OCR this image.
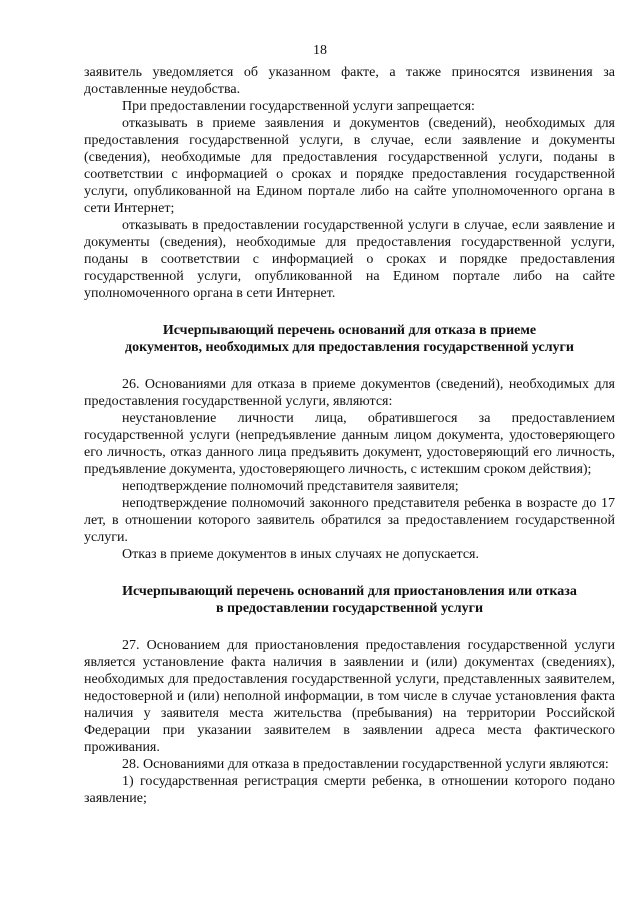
18

заявитель уведомляется об указанном факте, а также приносятся извинения за доставленные неудобства.

При предоставлении государственной услуги запрещается:

отказывать в приеме заявления и документов (сведений), необходимых для предоставления государственной услуги, в случае, если заявление и документы (сведения), необходимые для предоставления государственной услуги, поданы в соответствии с информацией о сроках и порядке предоставления государственной услуги, опубликованной на Едином портале либо на сайте уполномоченного органа в сети Интернет;

отказывать в предоставлении государственной услуги в случае, если заявление и документы (сведения), необходимые для предоставления государственной услуги, поданы в соответствии с информацией о сроках и порядке предоставления государственной услуги, опубликованной на Едином портале либо на сайте уполномоченного органа в сети Интернет.

Исчерпывающий перечень оснований для отказа в приеме
документов, необходимых для предоставления государственной услуги

26. Основаниями для отказа в приеме документов (сведений), необходимых для предоставления государственной услуги, являются:

неустановление личности лица, обратившегося за предоставлением государственной услуги (непредъявление данным лицом документа, удостоверяющего его личность, отказ данного лица предъявить документ, удостоверяющий его личность, предъявление документа, удостоверяющего личность, с истекшим сроком действия);

неподтверждение полномочий представителя заявителя;

неподтверждение полномочий законного представителя ребенка в возрасте до 17 лет, в отношении которого заявитель обратился за предоставлением государственной услуги.

Отказ в приеме документов в иных случаях не допускается.

Исчерпывающий перечень оснований для приостановления или отказа
в предоставлении государственной услуги

27. Основанием для приостановления предоставления государственной услуги является установление факта наличия в заявлении и (или) документах (сведениях), необходимых для предоставления государственной услуги, представленных заявителем, недостоверной и (или) неполной информации, в том числе в случае установления факта наличия у заявителя места жительства (пребывания) на территории Российской Федерации при указании заявителем в заявлении адреса места фактического проживания.

28. Основаниями для отказа в предоставлении государственной услуги являются:

1) государственная регистрация смерти ребенка, в отношении которого подано заявление;
